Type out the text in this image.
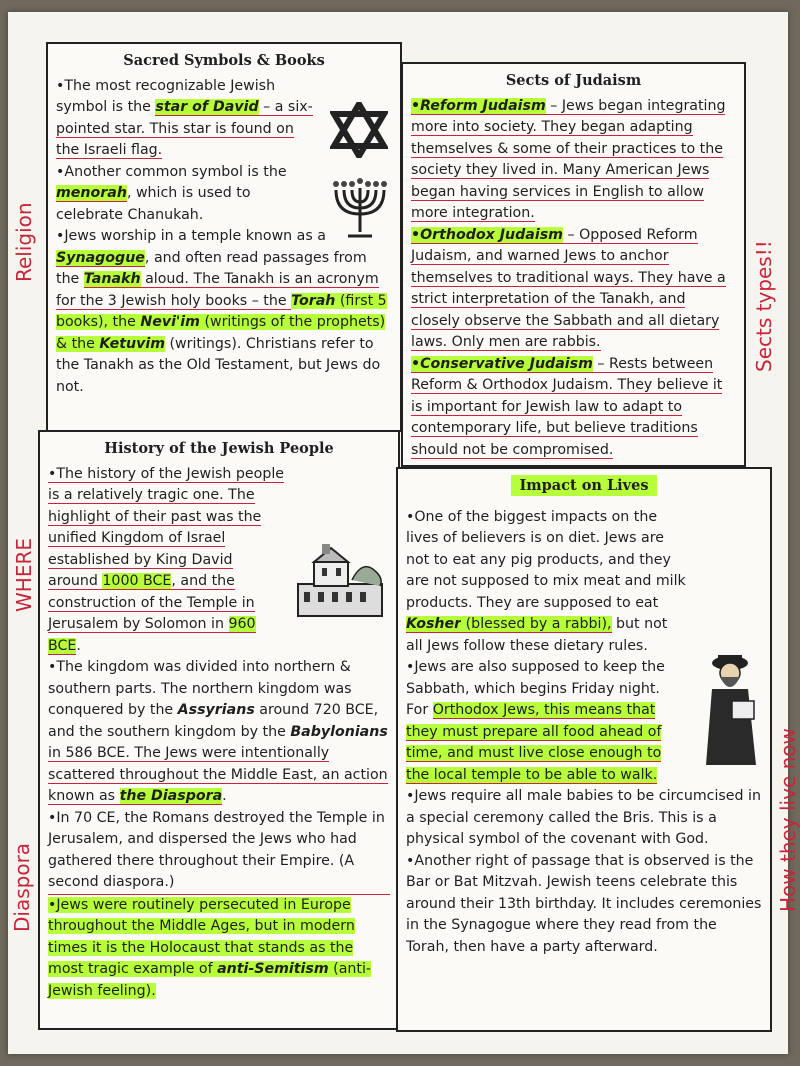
Sacred Symbols & Books

•The most recognizable Jewish symbol is the star of David – a six-pointed star. This star is found on the Israeli flag.

•Another common symbol is the menorah, which is used to celebrate Chanukah.

•Jews worship in a temple known as a Synagogue, and often read passages from the Tanakh aloud. The Tanakh is an acronym for the 3 Jewish holy books – the Torah (first 5 books), the Nevi'im (writings of the prophets) & the Ketuvim (writings). Christians refer to the Tanakh as the Old Testament, but Jews do not.

Sects of Judaism

•Reform Judaism – Jews began integrating more into society. They began adapting themselves & some of their practices to the society they lived in. Many American Jews began having services in English to allow more integration.

•Orthodox Judaism – Opposed Reform Judaism, and warned Jews to anchor themselves to traditional ways. They have a strict interpretation of the Tanakh, and closely observe the Sabbath and all dietary laws. Only men are rabbis.

•Conservative Judaism – Rests between Reform & Orthodox Judaism. They believe it is important for Jewish law to adapt to contemporary life, but believe traditions should not be compromised.

History of the Jewish People

•The history of the Jewish people is a relatively tragic one. The highlight of their past was the unified Kingdom of Israel established by King David around 1000 BCE, and the construction of the Temple in Jerusalem by Solomon in 960 BCE.

•The kingdom was divided into northern & southern parts. The northern kingdom was conquered by the Assyrians around 720 BCE, and the southern kingdom by the Babylonians in 586 BCE. The Jews were intentionally scattered throughout the Middle East, an action known as the Diaspora.

•In 70 CE, the Romans destroyed the Temple in Jerusalem, and dispersed the Jews who had gathered there throughout their Empire. (A second diaspora.)

•Jews were routinely persecuted in Europe throughout the Middle Ages, but in modern times it is the Holocaust that stands as the most tragic example of anti-Semitism (anti-Jewish feeling).

Impact on Lives

•One of the biggest impacts on the lives of believers is on diet. Jews are not to eat any pig products, and they are not supposed to mix meat and milk products. They are supposed to eat Kosher (blessed by a rabbi), but not all Jews follow these dietary rules.

•Jews are also supposed to keep the Sabbath, which begins Friday night. For Orthodox Jews, this means that they must prepare all food ahead of time, and must live close enough to the local temple to be able to walk.

•Jews require all male babies to be circumcised in a special ceremony called the Bris. This is a physical symbol of the covenant with God.

•Another right of passage that is observed is the Bar or Bat Mitzvah. Jewish teens celebrate this around their 13th birthday. It includes ceremonies in the Synagogue where they read from the Torah, then have a party afterward.

Religion
WHERE
Diaspora
Sects types!!
How they live now
